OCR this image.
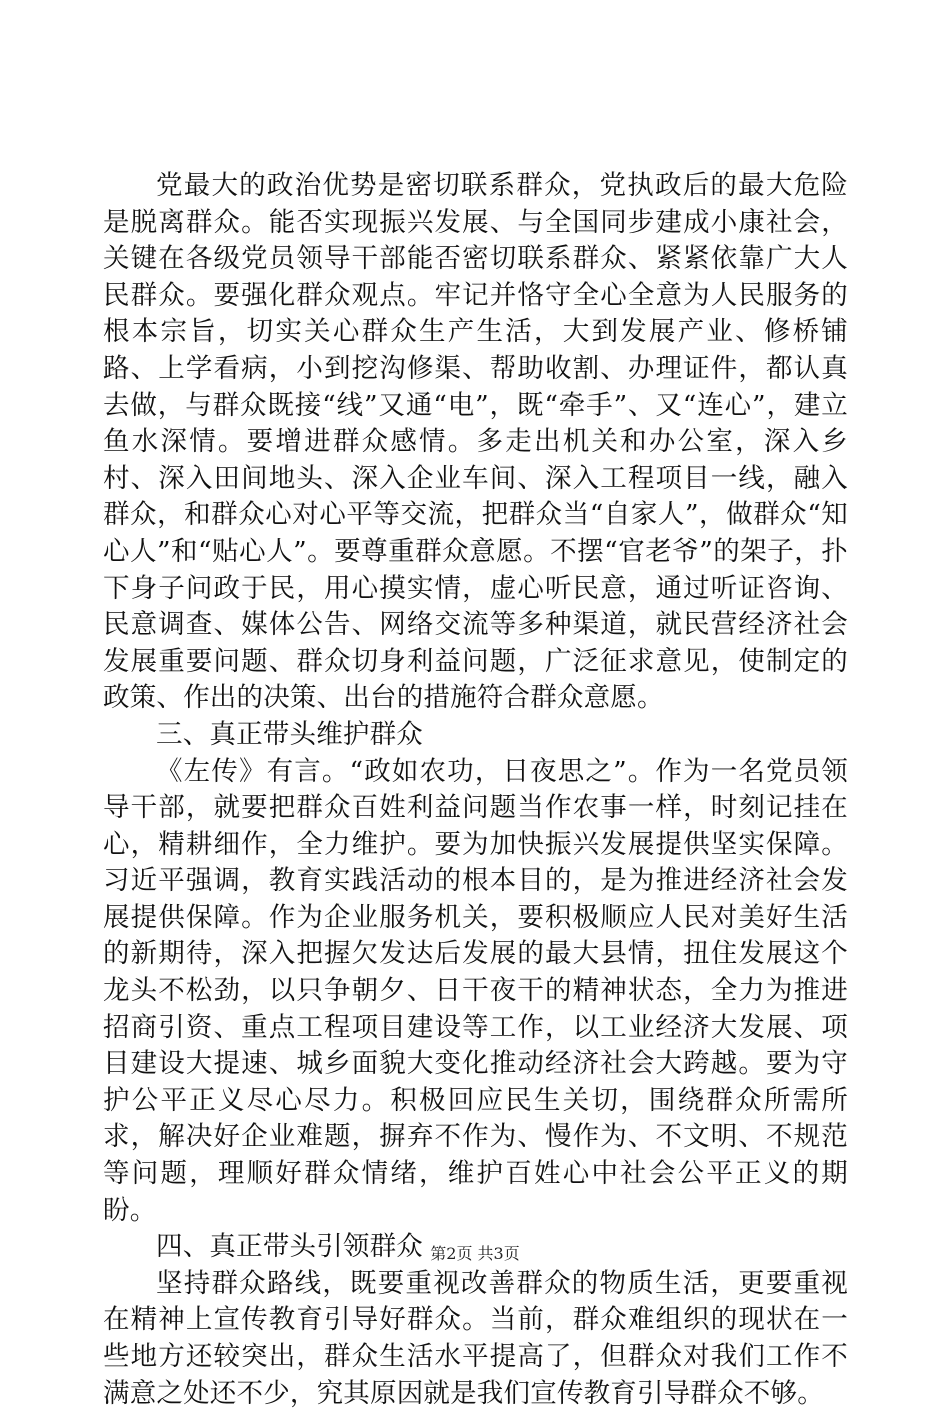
党最大的政治优势是密切联系群众，党执政后的最大危险是脱离群众。能否实现振兴发展、与全国同步建成小康社会，关键在各级党员领导干部能否密切联系群众、紧紧依靠广大人民群众。要强化群众观点。牢记并恪守全心全意为人民服务的根本宗旨，切实关心群众生产生活，大到发展产业、修桥铺路、上学看病，小到挖沟修渠、帮助收割、办理证件，都认真去做，与群众既接“线”又通“电”，既“牵手”、又“连心”，建立鱼水深情。要增进群众感情。多走出机关和办公室，深入乡村、深入田间地头、深入企业车间、深入工程项目一线，融入群众，和群众心对心平等交流，把群众当“自家人”，做群众“知心人”和“贴心人”。要尊重群众意愿。不摆“官老爷”的架子，扑下身子问政于民，用心摸实情，虚心听民意，通过听证咨询、民意调查、媒体公告、网络交流等多种渠道，就民营经济社会发展重要问题、群众切身利益问题，广泛征求意见，使制定的政策、作出的决策、出台的措施符合群众意愿。

三、真正带头维护群众

《左传》有言。“政如农功，日夜思之”。作为一名党员领导干部，就要把群众百姓利益问题当作农事一样，时刻记挂在心，精耕细作，全力维护。要为加快振兴发展提供坚实保障。习近平强调，教育实践活动的根本目的，是为推进经济社会发展提供保障。作为企业服务机关，要积极顺应人民对美好生活的新期待，深入把握欠发达后发展的最大县情，扭住发展这个龙头不松劲，以只争朝夕、日干夜干的精神状态，全力为推进招商引资、重点工程项目建设等工作，以工业经济大发展、项目建设大提速、城乡面貌大变化推动经济社会大跨越。要为守护公平正义尽心尽力。积极回应民生关切，围绕群众所需所求，解决好企业难题，摒弃不作为、慢作为、不文明、不规范等问题，理顺好群众情绪，维护百姓心中社会公平正义的期盼。

四、真正带头引领群众

坚持群众路线，既要重视改善群众的物质生活，更要重视在精神上宣传教育引导好群众。当前，群众难组织的现状在一些地方还较突出，群众生活水平提高了，但群众对我们工作不满意之处还不少，究其原因就是我们宣传教育引导群众不够。

第2页 共3页
